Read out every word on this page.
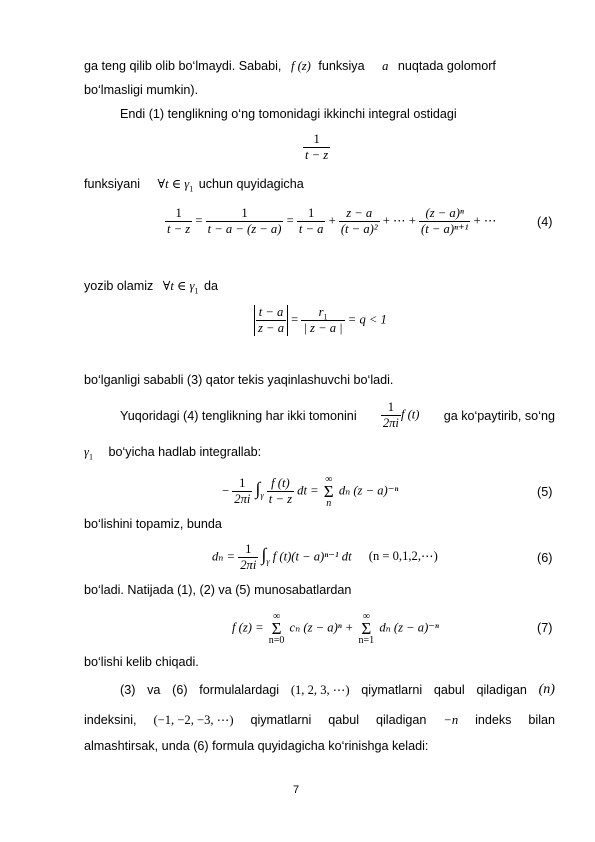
ga teng qilib olib bo‘lmaydi. Sababi, f (z) funksiya a nuqtada golomorf
bo‘lmasligi mumkin).
Endi (1) tenglikning o‘ng tomonidagi ikkinchi integral ostidagi
$\frac{1}{t - z}$
funksiyani ∀t ∈ $\gamma_1$ uchun quyidagicha
$\frac{1}{t - z} = \frac{1}{t - a - (z - a)} = \frac{1}{t - a} + \frac{z - a}{\text{(t − a)²}}$ + ⋯ + $\frac{\text{(z − a)ⁿ}}{\text{(t − a)ⁿ⁺¹}}$ + ⋯	(4)
yozib olamiz ∀t ∈ $\gamma_1$ da
$\frac{t - a}{z - a} = \frac{r_1}{| z - a |} = q < 1$
bo‘lganligi sababli (3) qator tekis yaqinlashuvchi bo‘ladi.
Yuqoridagi (4) tenglikning har ikki tomonini $\frac{1}{2\pi i}$ f (t) ga ko‘paytirib, so‘ng
$\gamma_1$ bo‘yicha hadlab integrallab:
− $\frac{1}{2\pi i} \int_\gamma \frac{f (t)}{t - z}$ dt =
∞
Σ
n
dₙ (z − a)⁻ⁿ	(5)
bo‘lishini topamiz, bunda
$d_n = \frac{1}{2\pi i} \int_\gamma$ f (t)(t − a)ⁿ⁻¹ dt (n = 0,1,2,⋯)	(6)
bo‘ladi. Natijada (1), (2) va (5) munosabatlardan
f (z) =
∞
Σ
n=0
cₙ (z − a)ⁿ +
∞
Σ
n=1
dₙ (z − a)⁻ⁿ	(7)
bo‘lishi kelib chiqadi.
(3) va (6) formulalardagi (1, 2, 3, ⋯) qiymatlarni qabul qiladigan (n)
indeksini, (−1, −2, −3, ⋯) qiymatlarni qabul qiladigan −n indeks bilan
almashtirsak, unda (6) formula quyidagicha ko‘rinishga keladi:
7
